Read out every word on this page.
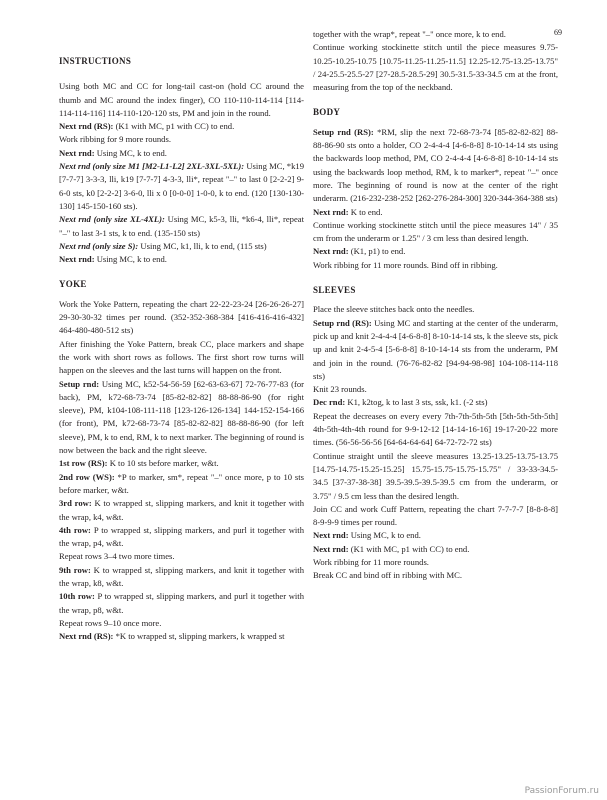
69
INSTRUCTIONS

Using both MC and CC for long-tail cast-on (hold CC around the thumb and MC around the index finger), CO 110-110-114-114 [114-114-114-116] 114-110-120-120 sts, PM and join in the round.

Next rnd (RS): (K1 with MC, p1 with CC) to end.

Work ribbing for 9 more rounds.

Next rnd: Using MC, k to end.

Next rnd (only size M1 [M2-L1-L2] 2XL-3XL-5XL): Using MC, *k19 [7-7-7] 3-3-3, lli, k19 [7-7-7] 4-3-3, lli*, repeat "–" to last 0 [2-2-2] 9-6-0 sts, k0 [2-2-2] 3-6-0, lli x 0 [0-0-0] 1-0-0, k to end. (120 [130-130-130] 145-150-160 sts).

Next rnd (only size XL-4XL): Using MC, k5-3, lli, *k6-4, lli*, repeat "–" to last 3-1 sts, k to end. (135-150 sts)

Next rnd (only size S): Using MC, k1, lli, k to end, (115 sts)

Next rnd: Using MC, k to end.

YOKE

Work the Yoke Pattern, repeating the chart 22-22-23-24 [26-26-26-27] 29-30-30-32 times per round. (352-352-368-384 [416-416-416-432] 464-480-480-512 sts)

After finishing the Yoke Pattern, break CC, place markers and shape the work with short rows as follows. The first short row turns will happen on the sleeves and the last turns will happen on the front.

Setup rnd: Using MC, k52-54-56-59 [62-63-63-67] 72-76-77-83 (for back), PM, k72-68-73-74 [85-82-82-82] 88-88-86-90 (for right sleeve), PM, k104-108-111-118 [123-126-126-134] 144-152-154-166 (for front), PM, k72-68-73-74 [85-82-82-82] 88-88-86-90 (for left sleeve), PM, k to end, RM, k to next marker. The beginning of round is now between the back and the right sleeve.

1st row (RS): K to 10 sts before marker, w&t.

2nd row (WS): *P to marker, sm*, repeat "–" once more, p to 10 sts before marker, w&t.

3rd row: K to wrapped st, slipping markers, and knit it together with the wrap, k4, w&t.

4th row: P to wrapped st, slipping markers, and purl it together with the wrap, p4, w&t.

Repeat rows 3–4 two more times.

9th row: K to wrapped st, slipping markers, and knit it together with the wrap, k8, w&t.

10th row: P to wrapped st, slipping markers, and purl it together with the wrap, p8, w&t.

Repeat rows 9–10 once more.

Next rnd (RS): *K to wrapped st, slipping markers, k wrapped st

together with the wrap*, repeat "–" once more, k to end.

Continue working stockinette stitch until the piece measures 9.75-10.25-10.25-10.75 [10.75-11.25-11.25-11.5] 12.25-12.75-13.25-13.75" / 24-25.5-25.5-27 [27-28.5-28.5-29] 30.5-31.5-33-34.5 cm at the front, measuring from the top of the neckband.

BODY

Setup rnd (RS): *RM, slip the next 72-68-73-74 [85-82-82-82] 88-88-86-90 sts onto a holder, CO 2-4-4-4 [4-6-8-8] 8-10-14-14 sts using the backwards loop method, PM, CO 2-4-4-4 [4-6-8-8] 8-10-14-14 sts using the backwards loop method, RM, k to marker*, repeat "–" once more. The beginning of round is now at the center of the right underarm. (216-232-238-252 [262-276-284-300] 320-344-364-388 sts)

Next rnd: K to end.

Continue working stockinette stitch until the piece measures 14" / 35 cm from the underarm or 1.25" / 3 cm less than desired length.

Next rnd: (K1, p1) to end.

Work ribbing for 11 more rounds. Bind off in ribbing.

SLEEVES

Place the sleeve stitches back onto the needles.

Setup rnd (RS): Using MC and starting at the center of the underarm, pick up and knit 2-4-4-4 [4-6-8-8] 8-10-14-14 sts, k the sleeve sts, pick up and knit 2-4-5-4 [5-6-8-8] 8-10-14-14 sts from the underarm, PM and join in the round. (76-76-82-82 [94-94-98-98] 104-108-114-118 sts)

Knit 23 rounds.

Dec rnd: K1, k2tog, k to last 3 sts, ssk, k1. (-2 sts)

Repeat the decreases on every every 7th-7th-5th-5th [5th-5th-5th-5th] 4th-5th-4th-4th round for 9-9-12-12 [14-14-16-16] 19-17-20-22 more times. (56-56-56-56 [64-64-64-64] 64-72-72-72 sts)

Continue straight until the sleeve measures 13.25-13.25-13.75-13.75 [14.75-14.75-15.25-15.25] 15.75-15.75-15.75-15.75" / 33-33-34.5-34.5 [37-37-38-38] 39.5-39.5-39.5-39.5 cm from the underarm, or 3.75" / 9.5 cm less than the desired length.

Join CC and work Cuff Pattern, repeating the chart 7-7-7-7 [8-8-8-8] 8-9-9-9 times per round.

Next rnd: Using MC, k to end.

Next rnd: (K1 with MC, p1 with CC) to end.

Work ribbing for 11 more rounds.

Break CC and bind off in ribbing with MC.

PassionForum.ru
